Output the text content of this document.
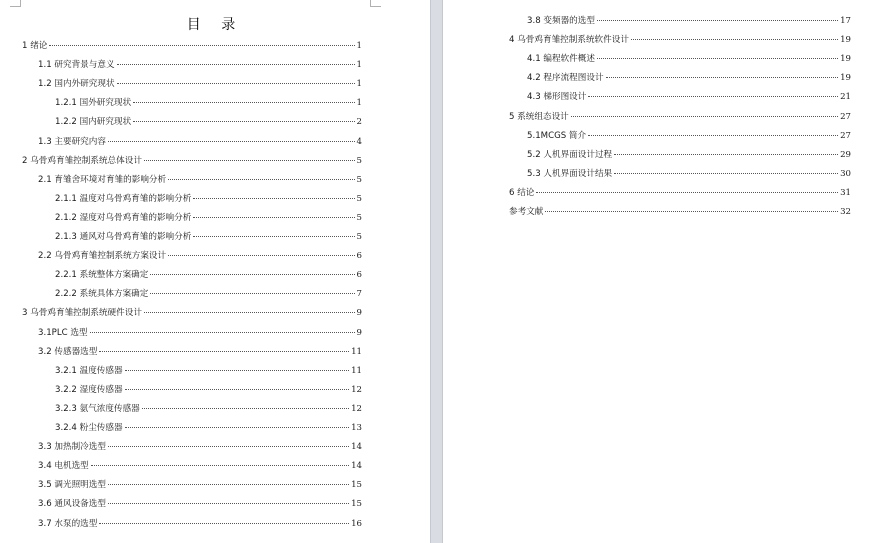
目 录
1 绪论	1
1.1 研究背景与意义	1
1.2 国内外研究现状	1
1.2.1 国外研究现状	1
1.2.2 国内研究现状	2
1.3 主要研究内容	4
2 乌骨鸡育雏控制系统总体设计	5
2.1 育雏舍环境对育雏的影响分析	5
2.1.1 温度对乌骨鸡育雏的影响分析	5
2.1.2 湿度对乌骨鸡育雏的影响分析	5
2.1.3 通风对乌骨鸡育雏的影响分析	5
2.2 乌骨鸡育雏控制系统方案设计	6
2.2.1 系统整体方案确定	6
2.2.2 系统具体方案确定	7
3 乌骨鸡育雏控制系统硬件设计	9
3.1PLC 选型	9
3.2 传感器选型	11
3.2.1 温度传感器	11
3.2.2 湿度传感器	12
3.2.3 氨气浓度传感器	12
3.2.4 粉尘传感器	13
3.3 加热制冷选型	14
3.4 电机选型	14
3.5 调光照明选型	15
3.6 通风设备选型	15
3.7 水泵的选型	16
3.8 变频器的选型	17
4 乌骨鸡育雏控制系统软件设计	19
4.1 编程软件概述	19
4.2 程序流程图设计	19
4.3 梯形图设计	21
5 系统组态设计	27
5.1MCGS 简介	27
5.2 人机界面设计过程	29
5.3 人机界面设计结果	30
6 结论	31
参考文献	32
